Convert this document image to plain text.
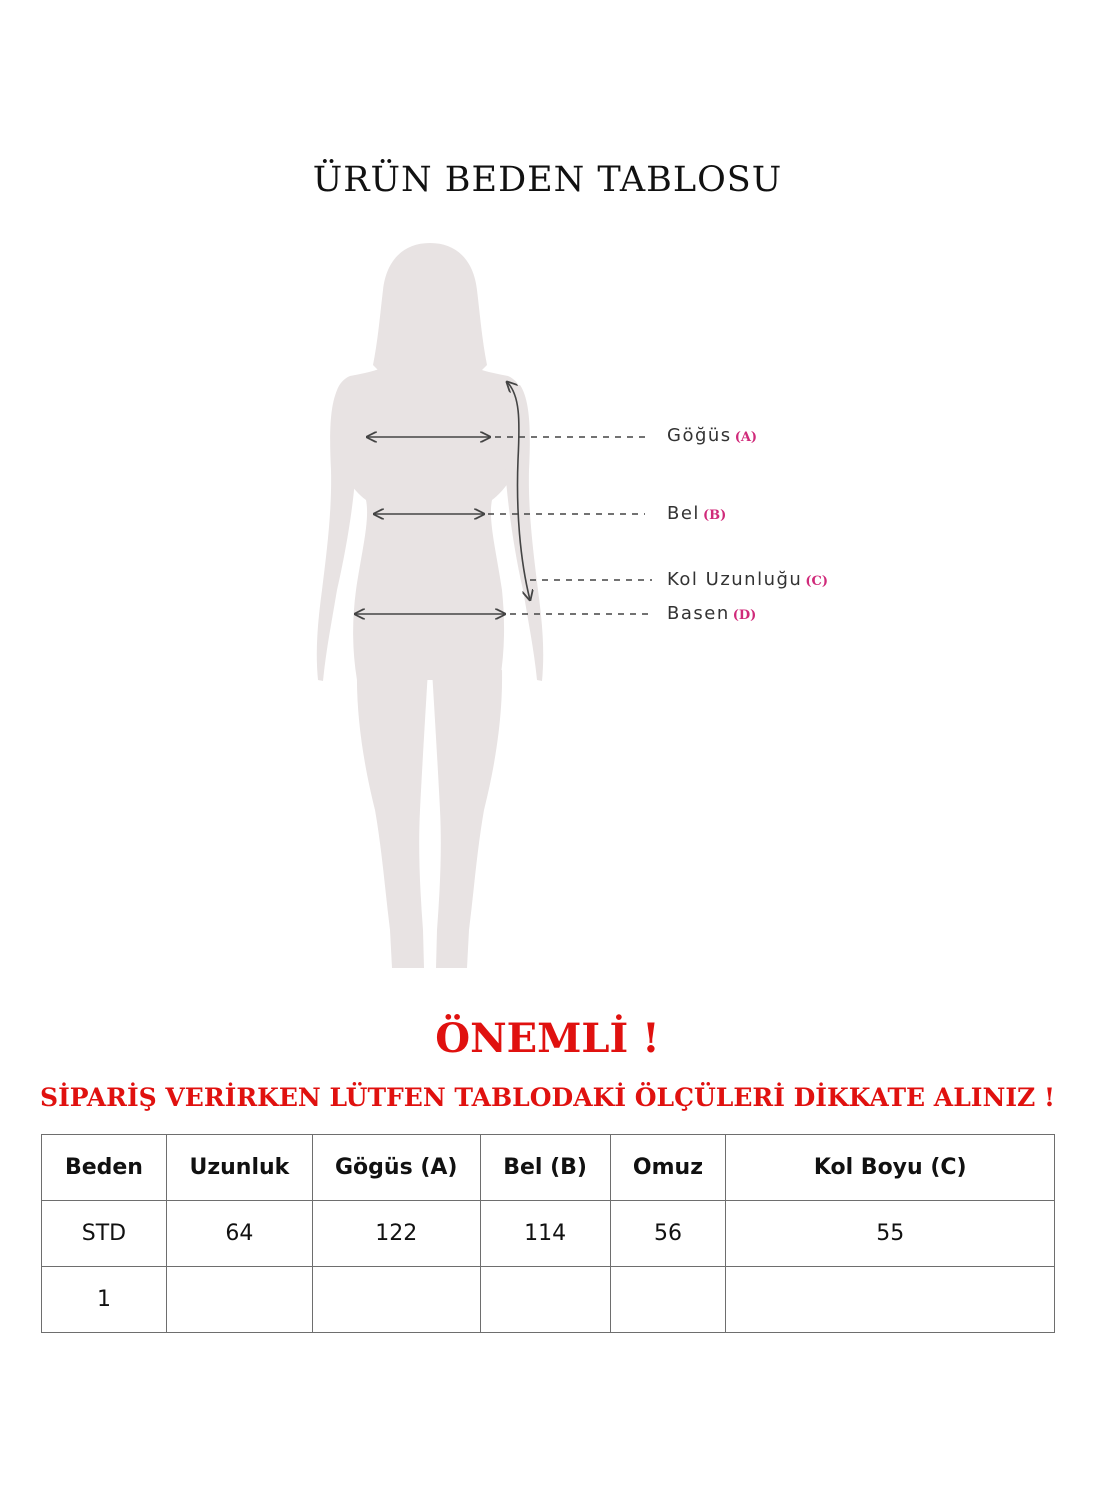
ÜRÜN BEDEN TABLOSU
Göğüs (A)
Bel (B)
Kol Uzunluğu (C)
Basen (D)
ÖNEMLİ !
SİPARİŞ VERİRKEN LÜTFEN TABLODAKİ ÖLÇÜLERİ DİKKATE ALINIZ !
Beden	Uzunluk	Gögüs (A)	Bel (B)	Omuz	Kol Boyu (C)
STD	64	122	114	56	55
1					
